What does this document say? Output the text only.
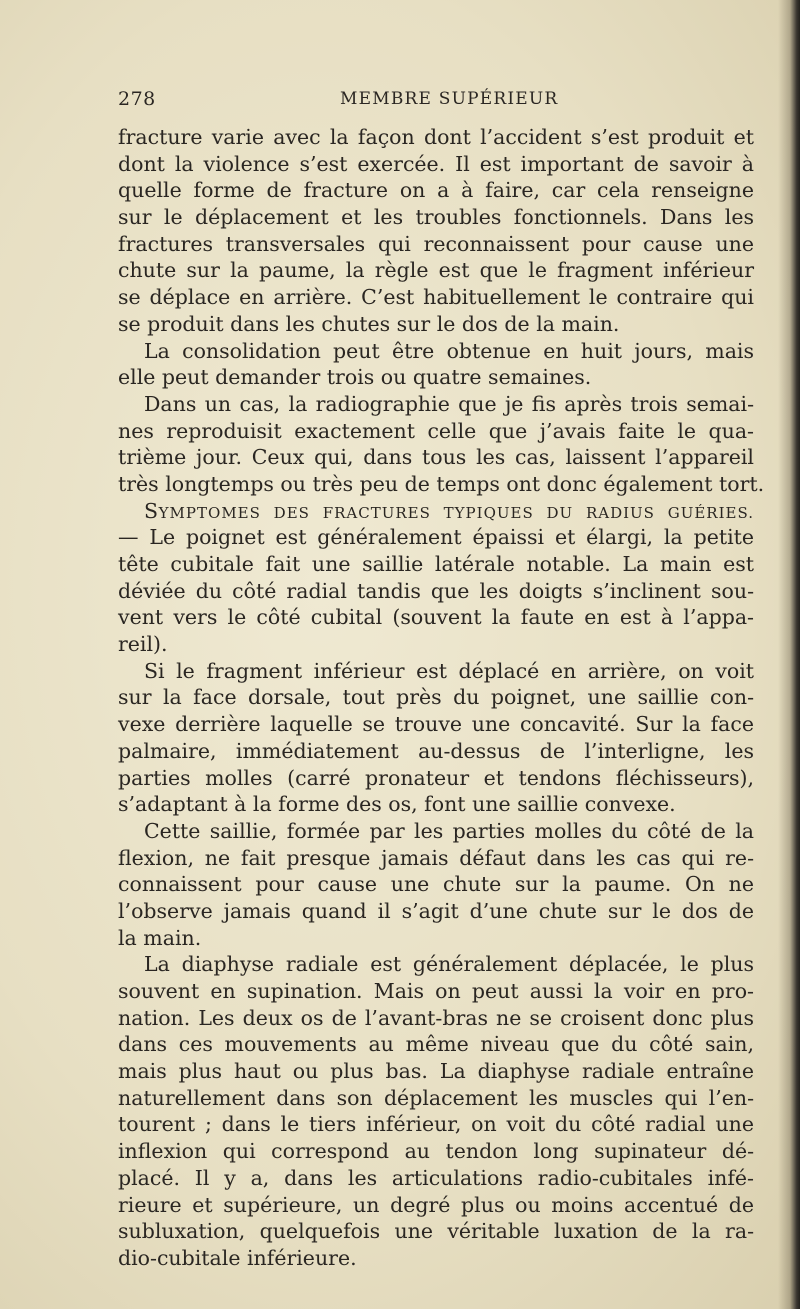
278	MEMBRE SUPÉRIEUR
fracture varie avec la façon dont l’accident s’est produit et
dont la violence s’est exercée. Il est important de savoir à
quelle forme de fracture on a à faire, car cela renseigne
sur le déplacement et les troubles fonctionnels. Dans les
fractures transversales qui reconnaissent pour cause une
chute sur la paume, la règle est que le fragment inférieur
se déplace en arrière. C’est habituellement le contraire qui
se produit dans les chutes sur le dos de la main.
La consolidation peut être obtenue en huit jours, mais
elle peut demander trois ou quatre semaines.
Dans un cas, la radiographie que je fis après trois semai-
nes reproduisit exactement celle que j’avais faite le qua-
trième jour. Ceux qui, dans tous les cas, laissent l’appareil
très longtemps ou très peu de temps ont donc également tort.
SYMPTOMES DES FRACTURES TYPIQUES DU RADIUS GUÉRIES.
— Le poignet est généralement épaissi et élargi, la petite
tête cubitale fait une saillie latérale notable. La main est
déviée du côté radial tandis que les doigts s’inclinent sou-
vent vers le côté cubital (souvent la faute en est à l’appa-
reil).
Si le fragment inférieur est déplacé en arrière, on voit
sur la face dorsale, tout près du poignet, une saillie con-
vexe derrière laquelle se trouve une concavité. Sur la face
palmaire, immédiatement au-dessus de l’interligne, les
parties molles (carré pronateur et tendons fléchisseurs),
s’adaptant à la forme des os, font une saillie convexe.
Cette saillie, formée par les parties molles du côté de la
flexion, ne fait presque jamais défaut dans les cas qui re-
connaissent pour cause une chute sur la paume. On ne
l’observe jamais quand il s’agit d’une chute sur le dos de
la main.
La diaphyse radiale est généralement déplacée, le plus
souvent en supination. Mais on peut aussi la voir en pro-
nation. Les deux os de l’avant-bras ne se croisent donc plus
dans ces mouvements au même niveau que du côté sain,
mais plus haut ou plus bas. La diaphyse radiale entraîne
naturellement dans son déplacement les muscles qui l’en-
tourent ; dans le tiers inférieur, on voit du côté radial une
inflexion qui correspond au tendon long supinateur dé-
placé. Il y a, dans les articulations radio-cubitales infé-
rieure et supérieure, un degré plus ou moins accentué de
subluxation, quelquefois une véritable luxation de la ra-
dio-cubitale inférieure.
